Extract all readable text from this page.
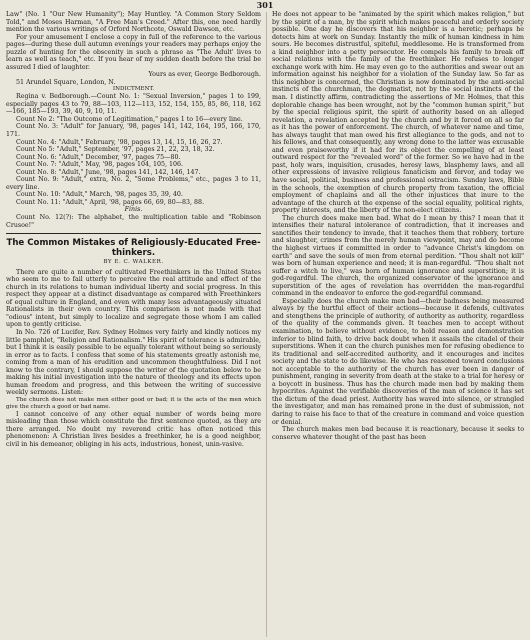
301

Law" (No. 1 "Our New Humanity"); May Huntley. "A Common Story Seldom Told," and Moses Harman, "A Free Man's Creed." After this, one need hardly mention the various writings of Orford Northcote, Oswald Dawson, etc.

For your amusement I enclose a copy in full of the reference to the various pages—during these dull autumn evenings your readers may perhaps enjoy the puzzle of hunting for the obscenity in such a phrase as "The Adult' lives to learn as well as teach," etc. If you hear of my sudden death before the trial be assured I died of laughter.

Yours as ever, George Bedborough.

51 Arundel Square, London, N.

INDICTMENT.

Regina v. Bedborough.—Count No. 1: "Sexual Inversion," pages 1 to 199, especially pages 43 to 79, 88—103, 112—113, 152, 154, 155, 85, 86, 118, 162—166, 185—193, 39, 40, 9, 10, 11.

Count No 2: "The Outcome of Legitimation," pages 1 to 16—every line.

Count No. 3: "Adult" for January, '98, pages 141, 142, 164, 195, 166, 170, 171.

Count No. 4: "Adult," February, '98, pages 13, 14, 15, 16, 26, 27.

Count No 5: "Adult," September, '97, pages 21, 22, 23, 18, 32.

Count No. 6: "Adult," December, '97, pages 75—80.

Count No. 7: "Adult," May, '98, pages 104, 105, 106.

Count No. 8: "Adult," June, '98, pages 141, 142, 146, 147.

Count No. 9: "Adult," extra, No. 2, "Some Problems," etc., pages 3 to 11, every line.

Count No. 10: "Adult," March, '98, pages 35, 39, 40.

Count No. 11: "Adult," April, '98, pages 66, 69, 80—83, 88.

Finis.

Count No. 12(?): The alphabet, the multiplication table and "Robinson Crusoe!"

The Common Mistakes of Religiously-Educated Free-thinkers.
BY E. C. WALKER.

There are quite a number of cultivated Freethinkers in the United States who seem to me to fail utterly to perceive the real attitude and effect of the church in its relations to human individual liberty and social progress. In this respect they appear at a distinct disadvantage as compared with Freethinkers of equal culture in England, and even with many less advantageously situated Rationalists in their own country. This comparison is not made with that "odious" intent, but simply to localize and segregate those whom I am called upon to gently criticise.

In No. 726 of Lucifer, Rev. Sydney Holmes very fairly and kindly notices my little pamphlet, "Religion and Rationalism." His spirit of tolerance is admirable, but I think it is easily possible to be equally tolerant without being so seriously in error as to facts. I confess that some of his statements greatly astonish me, coming from a man of his erudition and uncommon thoughtfulness. Did I not know to the contrary, I should suppose the writer of the quotation below to be making his initial investigation into the nature of theology and its effects upon human freedom and progress, and this between the writing of successive weekly sermons. Listen:

The church does not make men either good or bad; it is the acts of the men which give the church a good or bad name.

I cannot conceive of any other equal number of words being more misleading than those which constitute the first sentence quoted, as they are there arranged. No doubt my reverend critic has often noticed this phenomenon: A Christian lives besides a freethinker, he is a good neighbor, civil in his demeanor, obliging in his acts, industrious, honest, unin-vasive.

He does not appear to be "animated by the spirit which makes religion," but by the spirit of a man, by the spirit which makes peaceful and orderly society possible. One day he discovers that his neighbor is a heretic; perhaps he detects him at work on Sunday. Instantly the milk of human kindness in him sours. He becomes distrustful, spiteful, meddlesome. He is transformed from a kind neighbor into a petty persecutor. He compels his family to break off social relations with the family of the freethinker. He refuses to longer exchange work with him. He may even go to the authorities and swear out an information against his neighbor for a violation of the Sunday law. So far as this neighbor is concerned, the Christian is now dominated by the anti-social instincts of the churchman, the dogmatist, not by the social instincts of the man. I distinctly affirm, contradicting the assertions of Mr. Holmes, that this deplorable change has been wrought, not by the "common human spirit," but by the special religious spirit, the spirit of authority based on an alleged revelation, a revelation accepted by the church and by it forced on all so far as it has the power of enforcement. The church, of whatever name and time, has always taught that man owed his first allegiance to the gods, and not to his fellows, and that consequently, any wrong done to the latter was excusable and even praiseworthy if it had for its object the compelling of at least outward respect for the "revealed word" of the former. So we have had in the past, holy wars, inquisition, crusades, heresy laws, blasphemy laws, and all other expressions of invasive religious fanaticism and fervor, and today we have social, political, business and professional ostracism. Sunday laws, Bible in the schools, the exemption of church property from taxation, the official employment of chaplains and all the other injustices that inure to the advantage of the church at the expense of the social equality, political rights, property interests, and the liberty of the non-elect citizens.

The church does make men bad. What do I mean by this? I mean that it intensifies their natural intolerance of contradiction, that it increases and sanctifies their tendency to invade, that it teaches them that robbery, torture and slaughter, crimes from the merely human viewpoint, may and do become the highest virtues if committed in order to "advance Christ's kingdom on earth" and save the souls of men from eternal perdition. "Thou shalt not kill" was born of human experience and need; it is man-regardful. "Thou shalt not suffer a witch to live," was born of human ignorance and superstition; it is god-regardful. The church, the organized conservator of the ignorance and superstition of the ages of revelation has overridden the man-regardful command in the endeavor to enforce the god-regardful command.

Especially does the church make men bad—their badness being measured always by the hurtful effect of their actions—because it defends, cultivates and stengthens the principle of authority, of authority as authority, regardless of the quality of the commands given. It teaches men to accept without examination, to believe without evidence, to hold reason and demonstration inferior to blind faith, to drive back doubt when it assails the citadel of their superstitions. When it can the church punishes men for refusing obedience to its traditional and self-accredited authority, and it encourages and incites society and the state to do likewise. He who has reasoned toward conclusions not acceptable to the authority of the church has ever been in danger of punishment, ranging in severity from death at the stake to a trial for heresy or a boycott in business. Thus has the church made men bad by making them hypocrites. Against the verifiable discoveries of the man of science it has set the dictum of the dead priest. Authority has waved into silence, or strangled the investigator, and man has remained prone in the dust of submission, not daring to raise his face to that of the creature in command and voice question or denial.

The church makes men bad because it is reactionary, because it seeks to conserve whatever thought of the past has been
